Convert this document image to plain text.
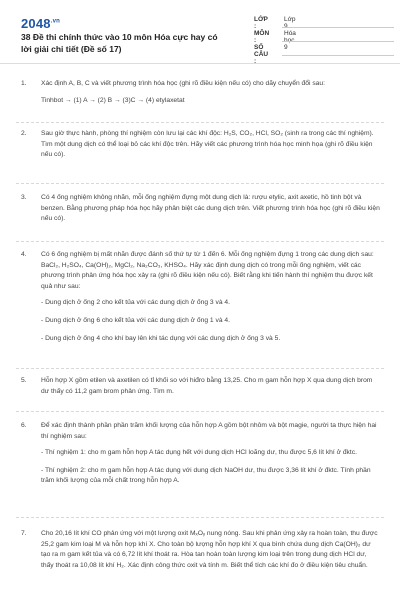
$2048^{.vn}$
38 Đề thi chính thức vào 10 môn Hóa cực hay có lời giải chi tiết (Đề số 17)
LỚP :
Lớp
MÔN :
Hóa
SỐ CÂU :
9
1. Xác định A, B, C và viết phương trình hóa học (ghi rõ điều kiện nếu có) cho dãy chuyển đổi sau:

Tinhbot → (1) A → (2) B → (3)C → (4) etylaxetat

2. Sau giờ thực hành, phòng thí nghiệm còn lưu lại các khí độc: H₂S, CO₂, HCl, SO₂ (sinh ra trong các thí nghiệm). Tìm một dung dịch có thể loại bỏ các khí độc trên. Hãy viết các phương trình hóa học minh họa (ghi rõ điều kiện nếu có).

3. Có 4 ống nghiệm không nhãn, mỗi ống nghiệm đựng một dung dịch là: rượu etylic, axit axetic, hồ tinh bột và benzen. Bằng phương pháp hóa học hãy phân biệt các dung dịch trên. Viết phương trình hóa học (ghi rõ điều kiện nếu có).

4. Có 6 ống nghiệm bị mất nhãn được đánh số thứ tự từ 1 đến 6. Mỗi ống nghiệm đựng 1 trong các dung dịch sau: BaCl₂, H₂SO₄, Ca(OH)₂, MgCl₂, Na₂CO₃, KHSO₄. Hãy xác định dung dịch có trong mỗi ống nghiệm, viết các phương trình phản ứng hóa học xảy ra (ghi rõ điều kiện nếu có). Biết rằng khi tiến hành thí nghiệm thu được kết quả như sau:

- Dung dịch ở ống 2 cho kết tủa với các dung dịch ở ống 3 và 4.

- Dung dịch ở ống 6 cho kết tủa với các dung dịch ở ống 1 và 4.

- Dung dịch ở ống 4 cho khí bay lên khi tác dụng với các dung dịch ở ống 3 và 5.

5. Hỗn hợp X gồm etilen và axetilen có tỉ khối so với hiđro bằng 13,25. Cho m gam hỗn hợp X qua dung dịch brom dư thấy có 11,2 gam brom phản ứng. Tìm m.

6. Để xác định thành phần phần trăm khối lượng của hỗn hợp A gồm bột nhôm và bột magie, người ta thực hiện hai thí nghiệm sau:

- Thí nghiệm 1: cho m gam hỗn hợp A tác dụng hết với dung dịch HCl loãng dư, thu được 5,6 lít khí ở đktc.

- Thí nghiệm 2: cho m gam hỗn hợp A tác dụng với dung dịch NaOH dư, thu được 3,36 lít khí ở đktc. Tính phần trăm khối lượng của mỗi chất trong hỗn hợp A.

7. Cho 20,16 lít khí CO phản ứng với một lượng oxit MₓOᵧ nung nóng. Sau khi phản ứng xảy ra hoàn toàn, thu được 25,2 gam kim loại M và hỗn hợp khí X. Cho toàn bộ lượng hỗn hợp khí X qua bình chứa dung dịch Ca(OH)₂ dư tạo ra m gam kết tủa và có 6,72 lít khí thoát ra. Hòa tan hoàn toàn lượng kim loại trên trong dung dịch HCl dư, thấy thoát ra 10,08 lít khí H₂. Xác định công thức oxit và tính m. Biết thể tích các khí đo ở điều kiện tiêu chuẩn.
